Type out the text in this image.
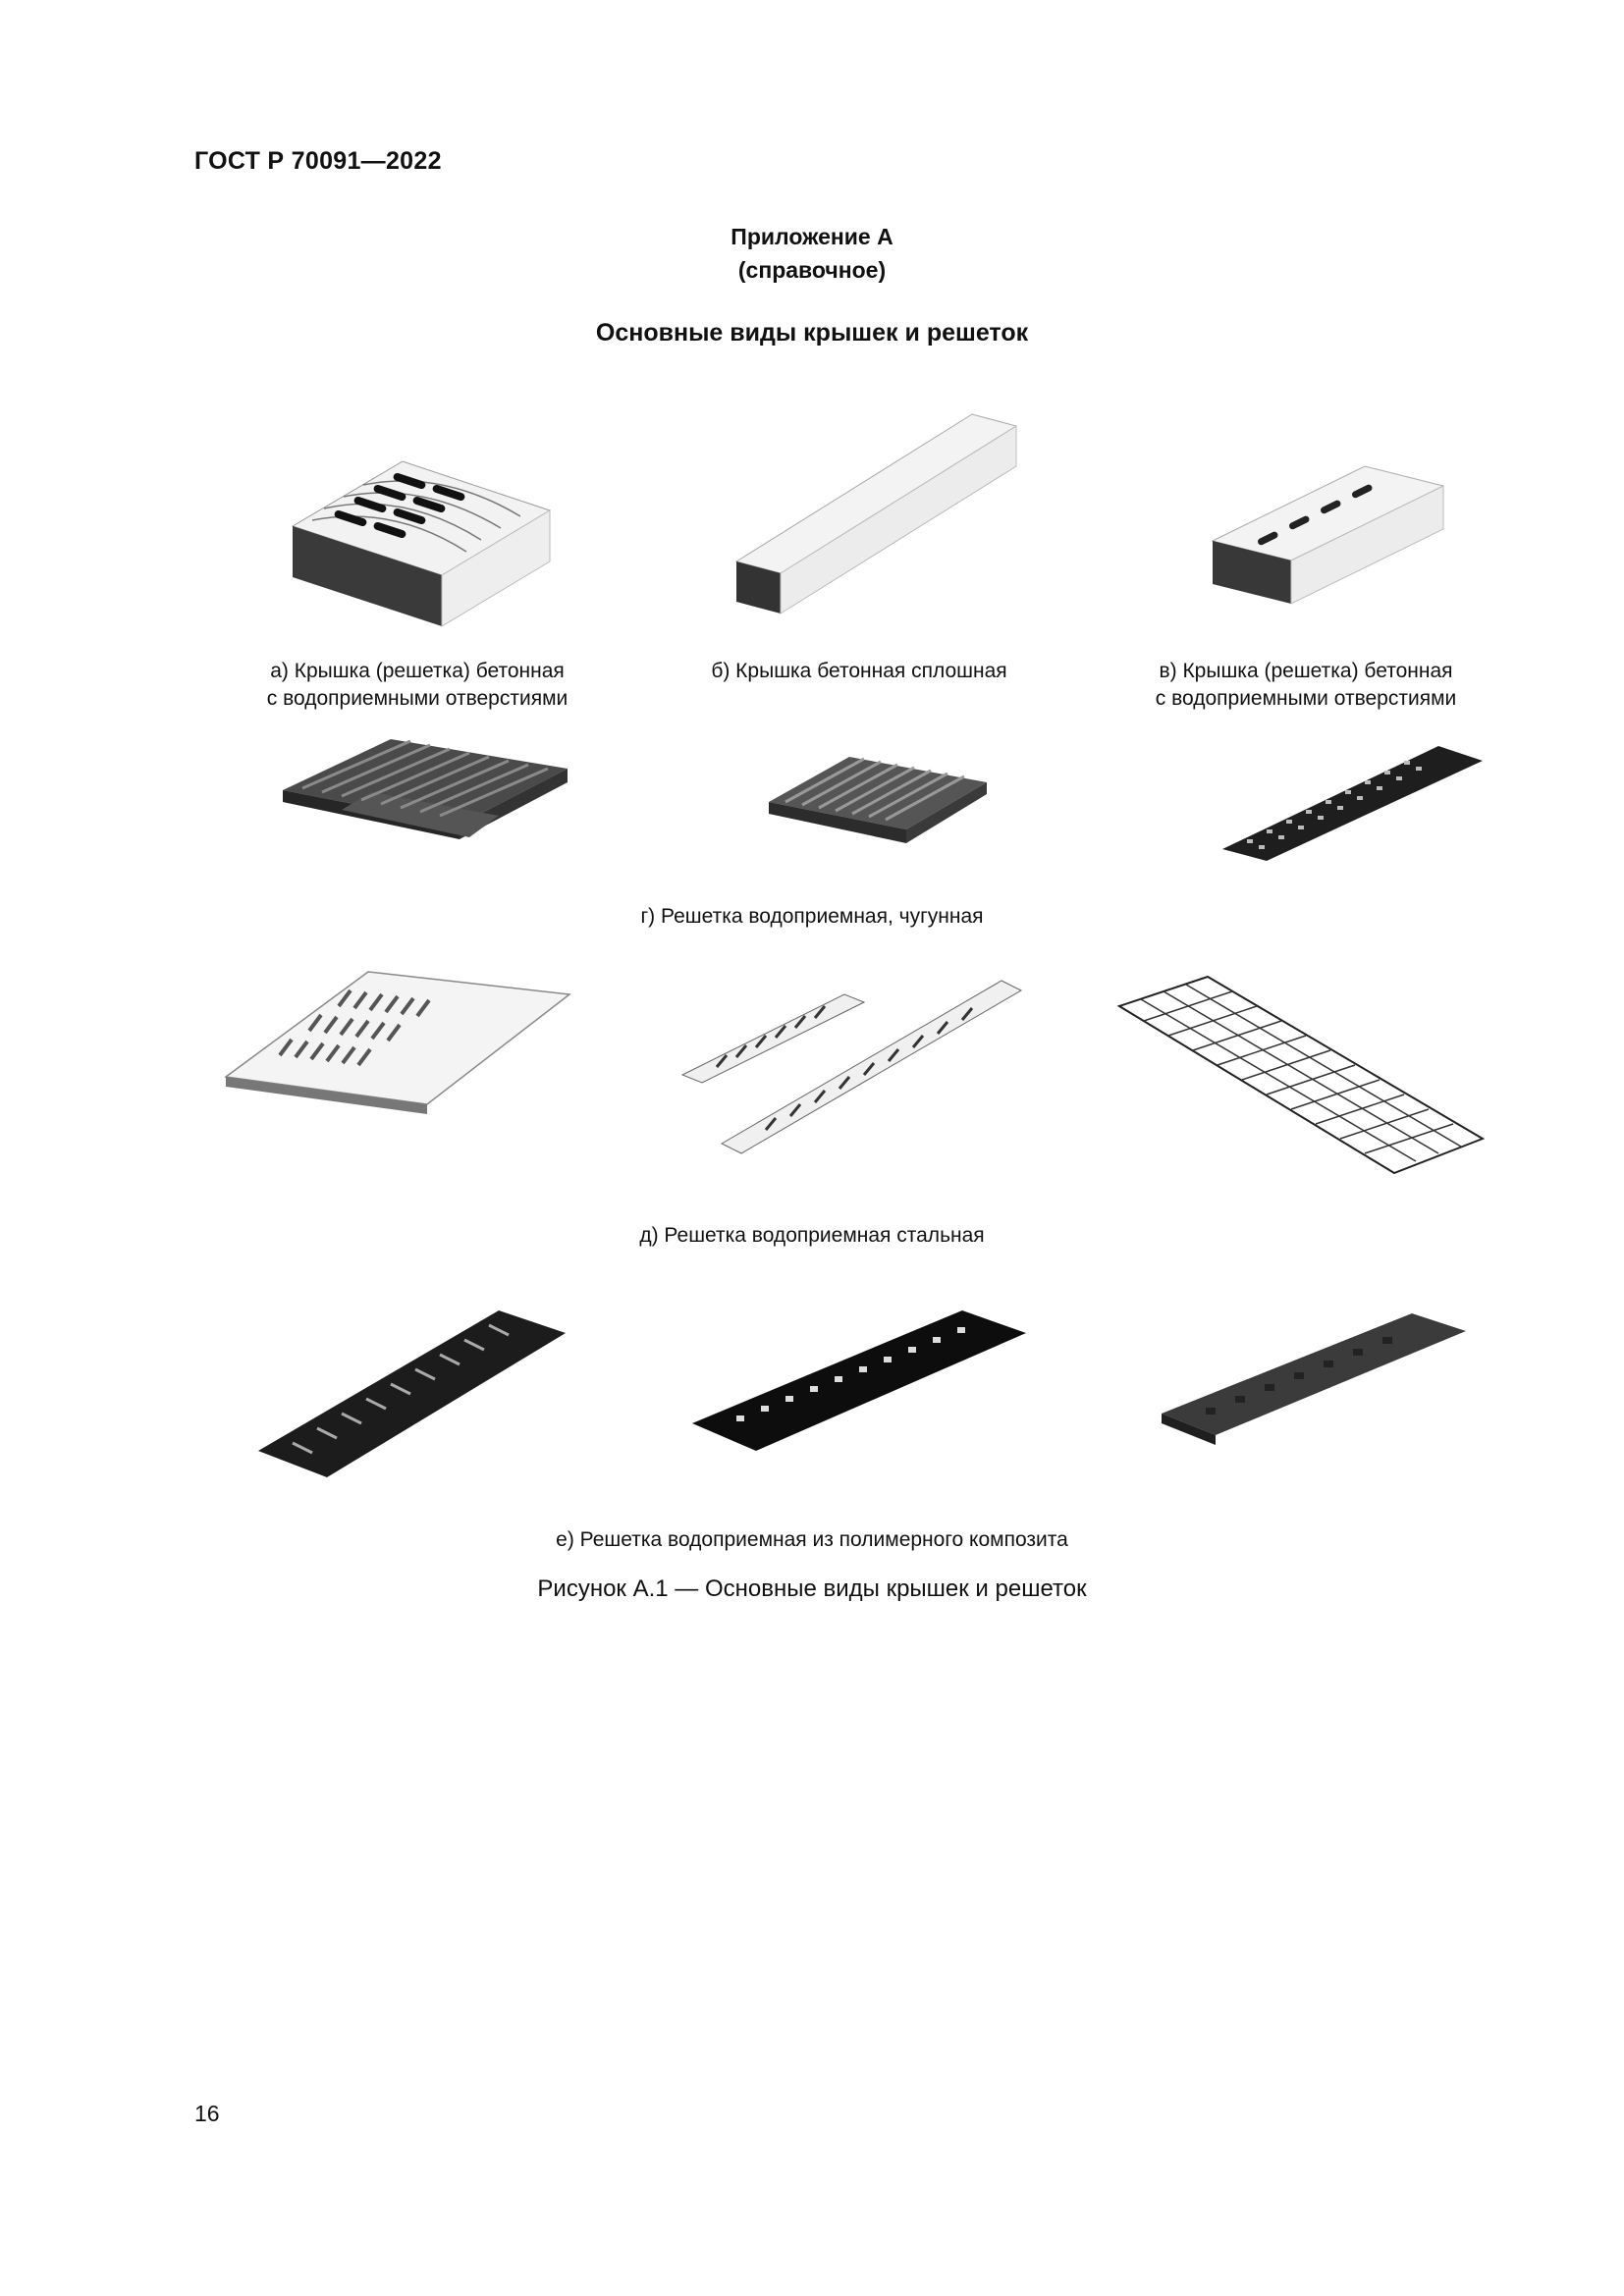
ГОСТ Р 70091—2022
Приложение А
(справочное)
Основные виды крышек и решеток
а) Крышка (решетка) бетонная
с водоприемными отверстиями
б) Крышка бетонная сплошная	в) Крышка (решетка) бетонная
с водоприемными отверстиями
г) Решетка водоприемная, чугунная
д) Решетка водоприемная стальная
е) Решетка водоприемная из полимерного композита
Рисунок А.1 — Основные виды крышек и решеток
16
